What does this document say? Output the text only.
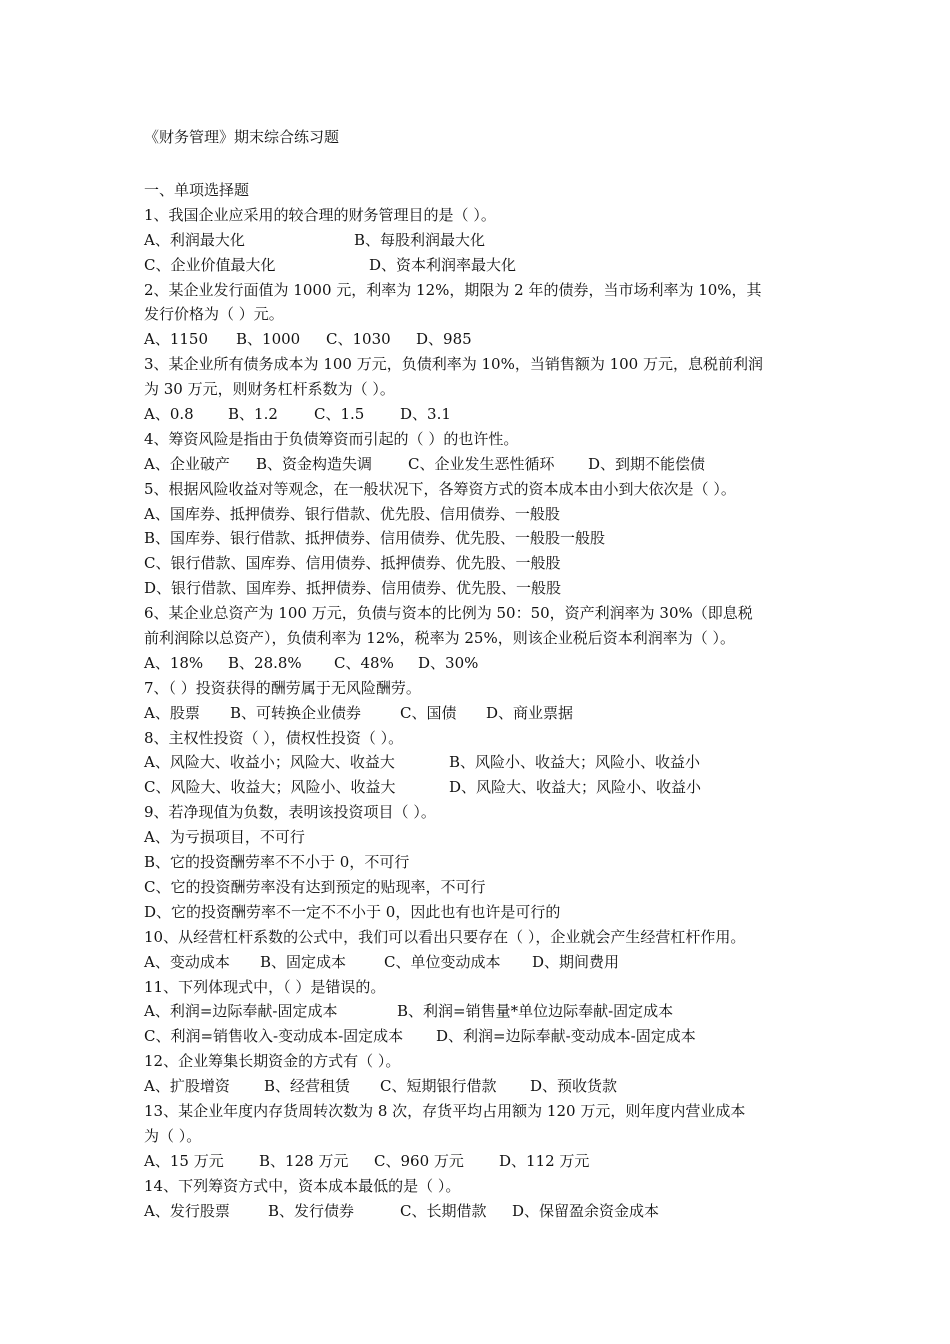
《财务管理》期末综合练习题
一、单项选择题
1、我国企业应采用的较合理的财务管理目的是（ ）。
A、利润最大化	B、每股利润最大化
C、企业价值最大化	D、资本利润率最大化
2、某企业发行面值为 1000 元，利率为 12%，期限为 2 年的债券，当市场利率为 10%，其
发行价格为（ ）元。
A、1150	B、1000	C、1030	D、985
3、某企业所有债务成本为 100 万元，负债利率为 10%，当销售额为 100 万元，息税前利润
为 30 万元，则财务杠杆系数为（ ）。
A、0.8	B、1.2	C、1.5	D、3.1
4、筹资风险是指由于负债筹资而引起的（ ）的也许性。
A、企业破产	B、资金构造失调	C、企业发生恶性循环	D、到期不能偿债
5、根据风险收益对等观念，在一般状况下，各筹资方式的资本成本由小到大依次是（ ）。
A、国库券、抵押债券、银行借款、优先股、信用债券、一般股
B、国库券、银行借款、抵押债券、信用债券、优先股、一般股一般股
C、银行借款、国库券、信用债券、抵押债券、优先股、一般股
D、银行借款、国库券、抵押债券、信用债券、优先股、一般股
6、某企业总资产为 100 万元，负债与资本的比例为 50：50，资产利润率为 30%（即息税
前利润除以总资产），负债利率为 12%，税率为 25%，则该企业税后资本利润率为（ ）。
A、18%	B、28.8%	C、48%	D、30%
7、（ ）投资获得的酬劳属于无风险酬劳。
A、股票	B、可转换企业债券	C、国债	D、商业票据
8、主权性投资（ ），债权性投资（ ）。
A、风险大、收益小；风险大、收益大	B、风险小、收益大；风险小、收益小
C、风险大、收益大；风险小、收益大	D、风险大、收益大；风险小、收益小
9、若净现值为负数，表明该投资项目（ ）。
A、为亏损项目，不可行
B、它的投资酬劳率不不小于 0，不可行
C、它的投资酬劳率没有达到预定的贴现率，不可行
D、它的投资酬劳率不一定不不小于 0，因此也有也许是可行的
10、从经营杠杆系数的公式中，我们可以看出只要存在（ ），企业就会产生经营杠杆作用。
A、变动成本	B、固定成本	C、单位变动成本	D、期间费用
11、下列体现式中，（ ）是错误的。
A、利润=边际奉献-固定成本	B、利润=销售量*单位边际奉献-固定成本
C、利润=销售收入-变动成本-固定成本	D、利润=边际奉献-变动成本-固定成本
12、企业筹集长期资金的方式有（ ）。
A、扩股增资	B、经营租赁	C、短期银行借款	D、预收货款
13、某企业年度内存货周转次数为 8 次，存货平均占用额为 120 万元，则年度内营业成本
为（ ）。
A、15 万元	B、128 万元	C、960 万元	D、112 万元
14、下列筹资方式中，资本成本最低的是（ ）。
A、发行股票	B、发行债券	C、长期借款	D、保留盈余资金成本
